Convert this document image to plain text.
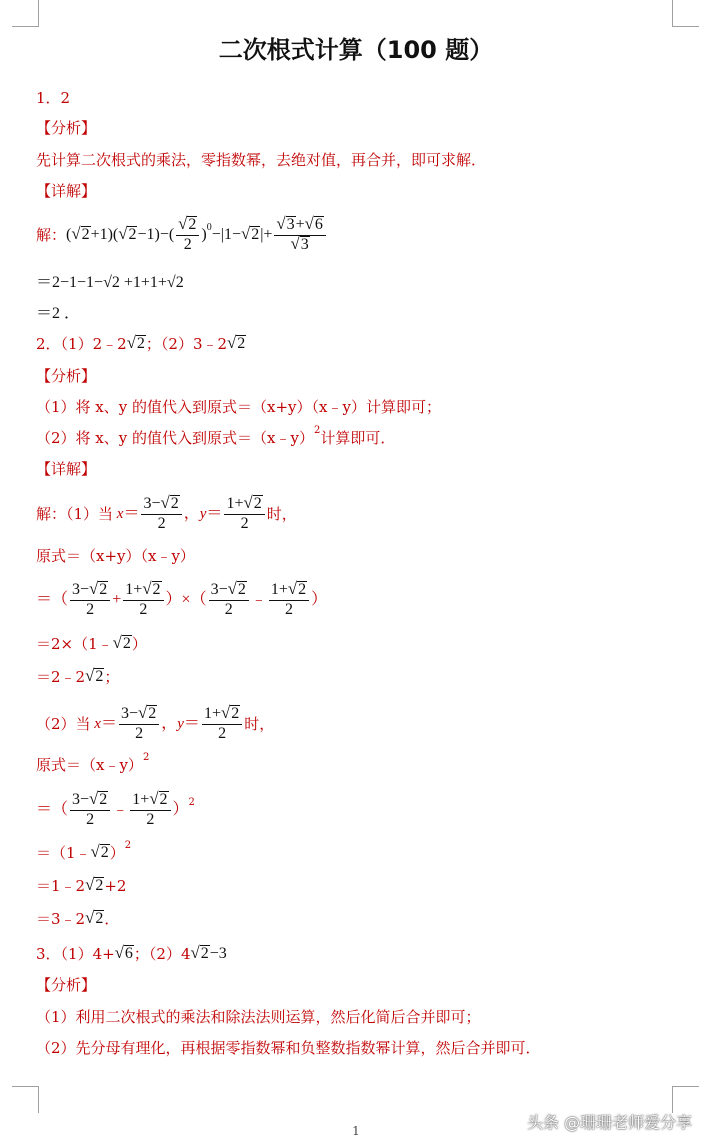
二次根式计算（100 题）
1．2
【分析】
先计算二次根式的乘法，零指数幂，去绝对值，再合并，即可求解．
【详解】
解： ( √ 2 +1)( √ 2 −1)−(
√ 2
2
) 0 −|1− √ 2 |+ $\frac{√ 3 + √ 6}{√ 3}$
＝2−1−1−√2 +1+1+√2
＝2 ．
2．（1）2﹣2 √ 2 ；（2）3﹣2 √ 2
【分析】
（1）将 x、y 的值代入到原式＝（x+y）（x﹣y）计算即可；
（2）将 x、y 的值代入到原式＝（x﹣y） 2 计算即可．
【详解】
解：（1）当 x ＝
3− √ 2
2
， y ＝
1+ √ 2
2 时，
原式＝（x+y）（x﹣y）
＝（
3− √ 2
2
+ $\frac{1+ √ 2}{2}$ ）×（
3− √ 2
2
﹣
1+ √ 2
2
）
＝2×（1﹣ √ 2 ）
＝2﹣2 √ 2 ；
（2）当 x ＝
3− √ 2
2
， y ＝
1+ √ 2
2 时，
原式＝（x﹣y） 2
＝（
3− √ 2
2
﹣
1+ √ 2
2
） 2
＝（1﹣ √ 2 ） 2
＝1﹣2 √ 2 +2
＝3﹣2 √ 2 ．
3．（1）4+ √ 6 ；（2）4 √ 2 −3
【分析】
（1）利用二次根式的乘法和除法法则运算，然后化简后合并即可；
（2）先分母有理化，再根据零指数幂和负整数指数幂计算，然后合并即可．
头条 @珊珊老师爱分享
1
